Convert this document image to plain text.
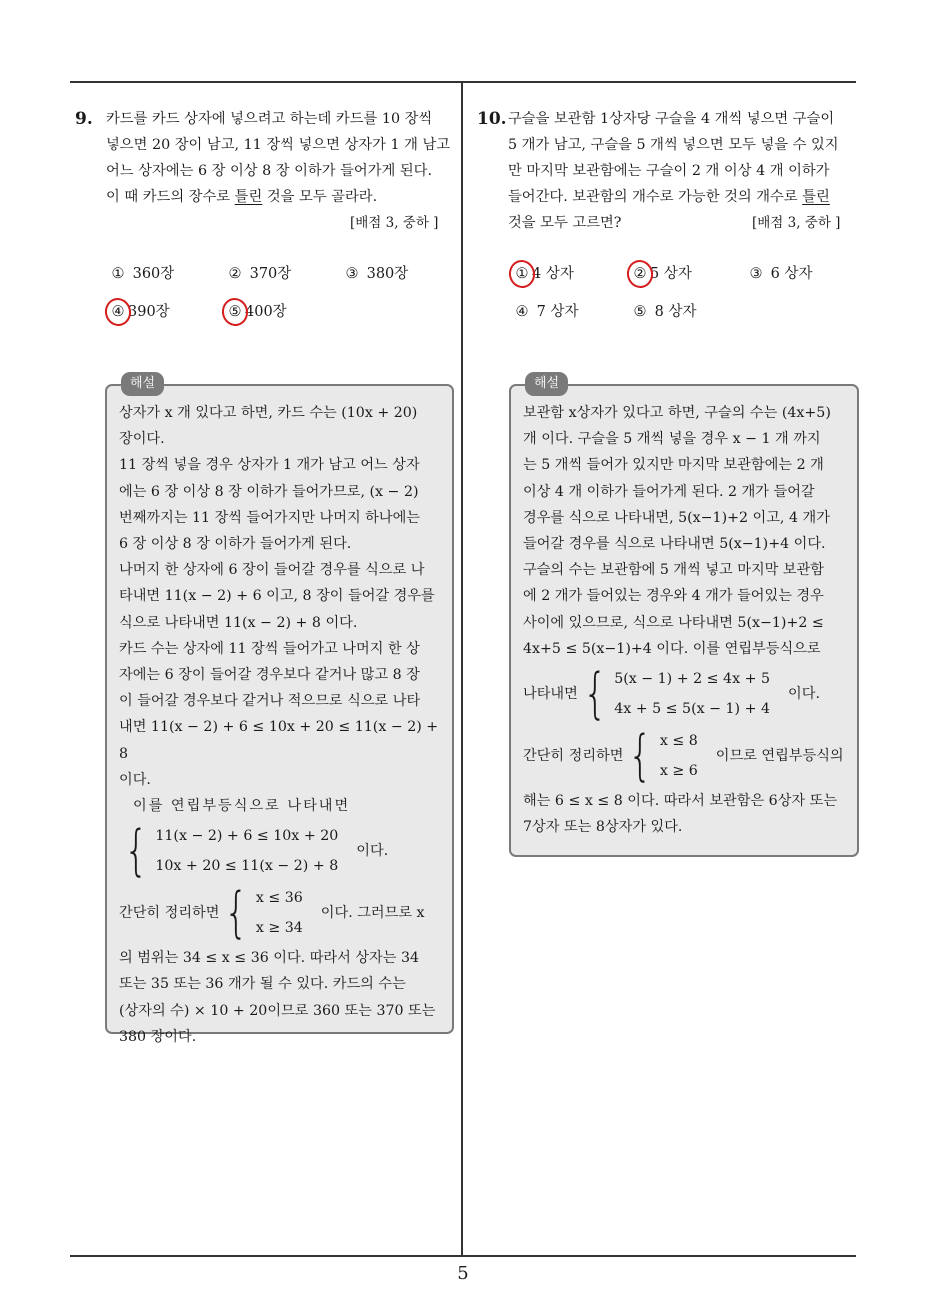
5
9. 카드를 카드 상자에 넣으려고 하는데 카드를 10 장씩

넣으면 20 장이 남고, 11 장씩 넣으면 상자가 1 개 남고

어느 상자에는 6 장 이상 8 장 이하가 들어가게 된다.

이 때 카드의 장수로 틀린 것을 모두 골라라.

[배점 3, 중하 ]
① 360장	② 370장	③ 380장
④ 390장	⑤ 400장
해설

상자가 x 개 있다고 하면, 카드 수는 (10x + 20)

장이다.

11 장씩 넣을 경우 상자가 1 개가 남고 어느 상자

에는 6 장 이상 8 장 이하가 들어가므로, (x − 2)

번째까지는 11 장씩 들어가지만 나머지 하나에는

6 장 이상 8 장 이하가 들어가게 된다.

나머지 한 상자에 6 장이 들어갈 경우를 식으로 나

타내면 11(x − 2) + 6 이고, 8 장이 들어갈 경우를

식으로 나타내면 11(x − 2) + 8 이다.

카드 수는 상자에 11 장씩 들어가고 나머지 한 상

자에는 6 장이 들어갈 경우보다 같거나 많고 8 장

이 들어갈 경우보다 같거나 적으므로 식으로 나타

내면 11(x − 2) + 6 ≤ 10x + 20 ≤ 11(x − 2) + 8

이다.

이를 연립부등식으로 나타내면

{ 11(x − 2) + 6 ≤ 10x + 20
10x + 20 ≤ 11(x − 2) + 8
이다.
간단히 정리하면 { x ≤ 36
x ≥ 34
이다. 그러므로 x

의 범위는 34 ≤ x ≤ 36 이다. 따라서 상자는 34

또는 35 또는 36 개가 될 수 있다. 카드의 수는

(상자의 수) × 10 + 20이므로 360 또는 370 또는

380 장이다.

10. 구슬을 보관함 1상자당 구슬을 4 개씩 넣으면 구슬이

5 개가 남고, 구슬을 5 개씩 넣으면 모두 넣을 수 있지

만 마지막 보관함에는 구슬이 2 개 이상 4 개 이하가

들어간다. 보관함의 개수로 가능한 것의 개수로 틀린

것을 모두 고르면?	[배점 3, 중하 ]
① 4 상자	② 5 상자	③ 6 상자
④ 7 상자	⑤ 8 상자
해설

보관함 x상자가 있다고 하면, 구슬의 수는 (4x+5)

개 이다. 구슬을 5 개씩 넣을 경우 x − 1 개 까지

는 5 개씩 들어가 있지만 마지막 보관함에는 2 개

이상 4 개 이하가 들어가게 된다. 2 개가 들어갈

경우를 식으로 나타내면, 5(x−1)+2 이고, 4 개가

들어갈 경우를 식으로 나타내면 5(x−1)+4 이다.

구슬의 수는 보관함에 5 개씩 넣고 마지막 보관함

에 2 개가 들어있는 경우와 4 개가 들어있는 경우

사이에 있으므로, 식으로 나타내면 5(x−1)+2 ≤

4x+5 ≤ 5(x−1)+4 이다. 이를 연립부등식으로

나타내면 { 5(x − 1) + 2 ≤ 4x + 5
4x + 5 ≤ 5(x − 1) + 4
이다.
간단히 정리하면 { x ≤ 8
x ≥ 6
이므로 연립부등식의

해는 6 ≤ x ≤ 8 이다. 따라서 보관함은 6상자 또는

7상자 또는 8상자가 있다.
